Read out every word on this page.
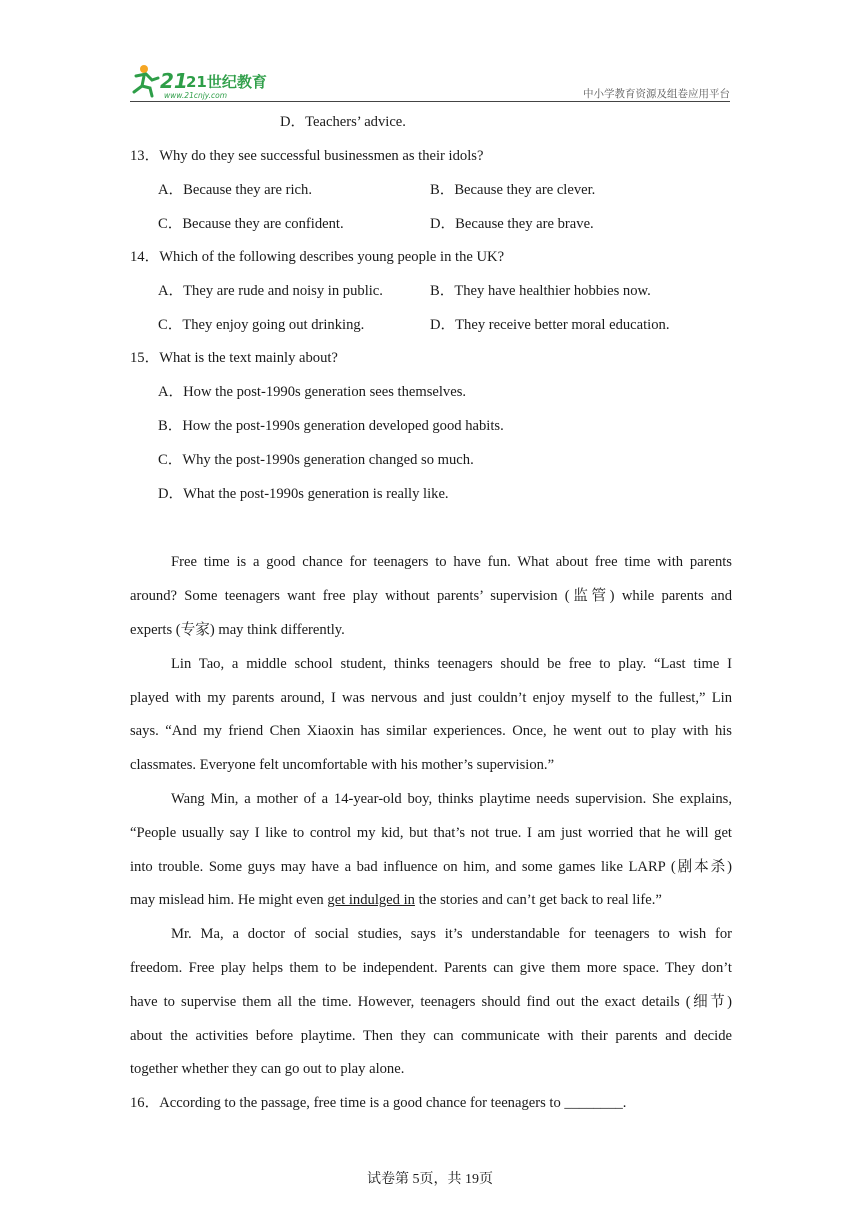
21
21世纪教育
www.21cnjy.com	中小学教育资源及组卷应用平台
D．Teachers’ advice.
13．Why do they see successful businessmen as their idols?
A．Because they are rich.	B．Because they are clever.
C．Because they are confident.	D．Because they are brave.
14．Which of the following describes young people in the UK?
A．They are rude and noisy in public.	B．They have healthier hobbies now.
C．They enjoy going out drinking.	D．They receive better moral education.
15．What is the text mainly about?
A．How the post-1990s generation sees themselves.
B．How the post-1990s generation developed good habits.
C．Why the post-1990s generation changed so much.
D．What the post-1990s generation is really like.
Free time is a good chance for teenagers to have fun. What about free time with parents
around? Some teenagers want free play without parents’ supervision (监管) while parents and
experts (专家) may think differently.
Lin Tao, a middle school student, thinks teenagers should be free to play. “Last time I
played with my parents around, I was nervous and just couldn’t enjoy myself to the fullest,” Lin
says. “And my friend Chen Xiaoxin has similar experiences. Once, he went out to play with his
classmates. Everyone felt uncomfortable with his mother’s supervision.”
Wang Min, a mother of a 14-year-old boy, thinks playtime needs supervision. She explains,
“People usually say I like to control my kid, but that’s not true. I am just worried that he will get
into trouble. Some guys may have a bad influence on him, and some games like LARP (剧本杀)
may mislead him. He might even get indulged in the stories and can’t get back to real life.”
Mr. Ma, a doctor of social studies, says it’s understandable for teenagers to wish for
freedom. Free play helps them to be independent. Parents can give them more space. They don’t
have to supervise them all the time. However, teenagers should find out the exact details (细节)
about the activities before playtime. Then they can communicate with their parents and decide
together whether they can go out to play alone.
16．According to the passage, free time is a good chance for teenagers to ________.
试卷第 5页，共 19页
